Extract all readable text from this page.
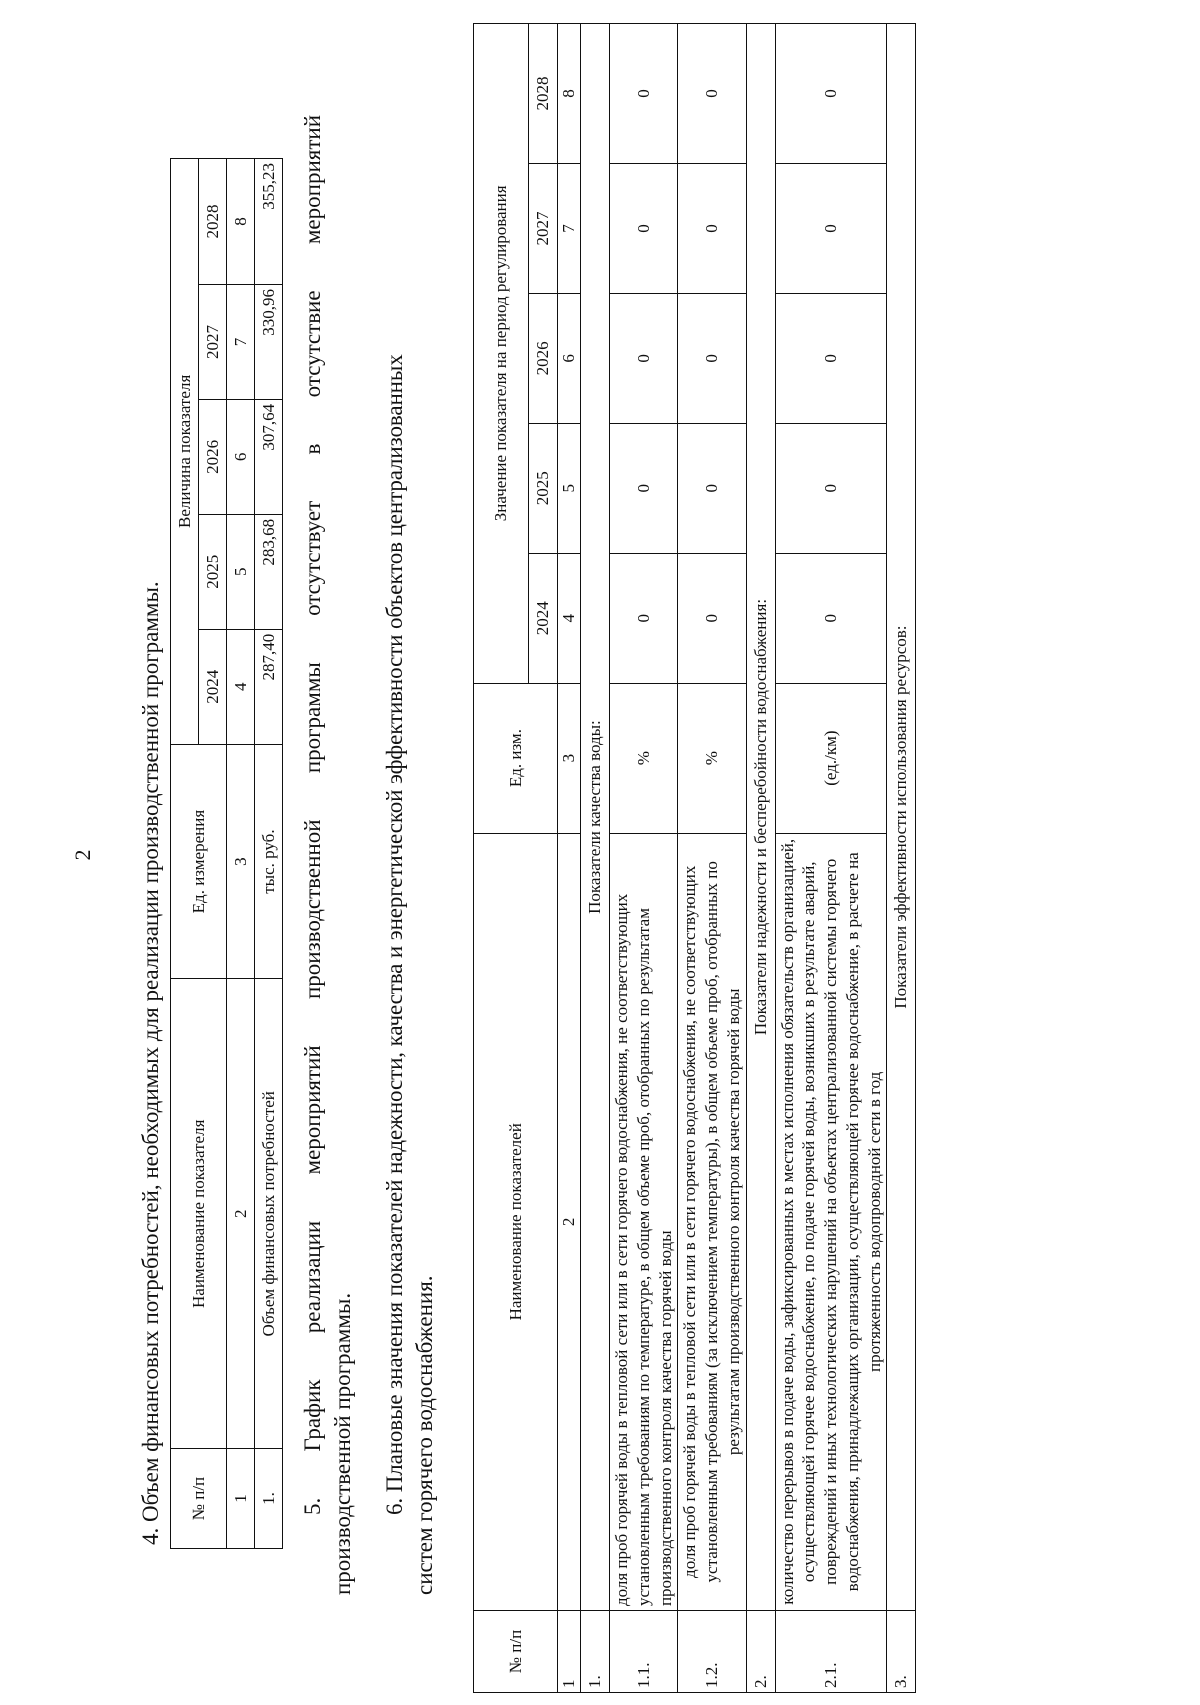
2 4. Объем финансовых потребностей, необходимых для реализации производственной программы. № п/п	Наименование показателя	Ед. измерения	Величина показателя				
			2024	2025	2026	2027	2028
1	2	3	4	5	6	7	8
1.	Объем финансовых потребностей	тыс. руб.	287,40	283,68	307,64	330,96	355,23 5. График реализации мероприятий производственной программы отсутствует в отсутствие мероприятий производственной программы. 6. Плановые значения показателей надежности, качества и энергетической эффективности объектов централизованных систем горячего водоснабжения.
№ п/п	Наименование показателей	Ед. изм.	Значение показателя на период регулирования				
			2024	2025	2026	2027	2028
1	2	3	4	5	6	7	8
1.	Показатели качества воды:						
1.1.	доля проб горячей воды в тепловой сети или в сети горячего водоснабжения, не соответствующих установленным требованиям по температуре, в общем объеме проб, отобранных по результатам производственного контроля качества горячей воды	%	0	0	0	0	0
1.2.	доля проб горячей воды в тепловой сети или в сети горячего водоснабжения, не соответствующих установленным требованиям (за исключением температуры), в общем объеме проб, отобранных по результатам производственного контроля качества горячей воды	%	0	0	0	0	0
2.	Показатели надежности и бесперебойности водоснабжения:						
2.1.	количество перерывов в подаче воды, зафиксированных в местах исполнения обязательств организацией, осуществляющей горячее водоснабжение, по подаче горячей воды, возникших в результате аварий, повреждений и иных технологических нарушений на объектах централизованной системы горячего водоснабжения, принадлежащих организации, осуществляющей горячее водоснабжение, в расчете на протяженность водопроводной сети в год	(ед./км)	0	0	0	0	0
3.	Показатели эффективности использования ресурсов:						
